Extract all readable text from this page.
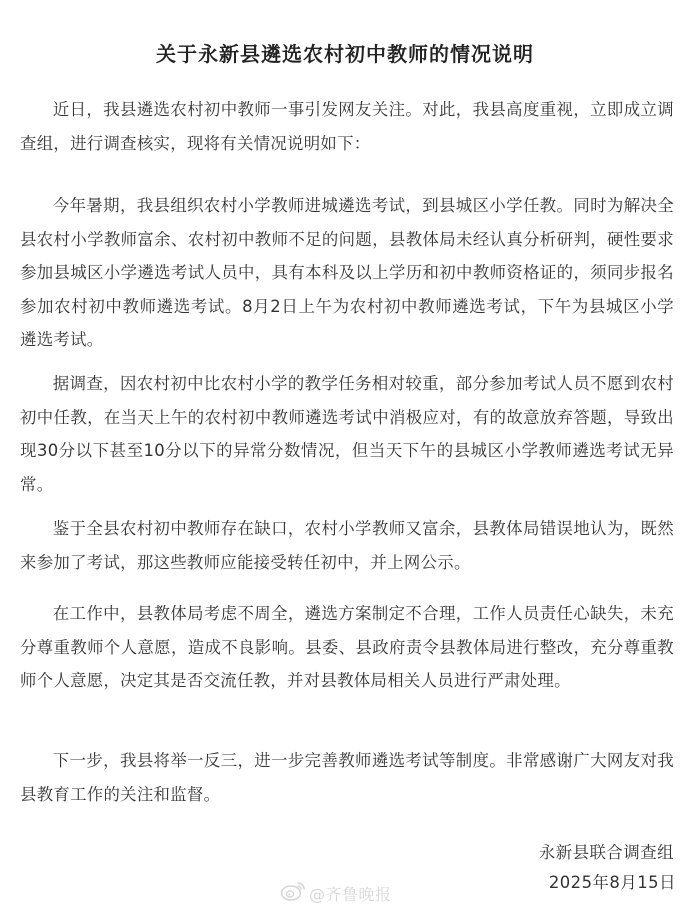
关于永新县遴选农村初中教师的情况说明

近日，我县遴选农村初中教师一事引发网友关注。对此，我县高度重视，立即成立调查组，进行调查核实，现将有关情况说明如下：

今年暑期，我县组织农村小学教师进城遴选考试，到县城区小学任教。同时为解决全县农村小学教师富余、农村初中教师不足的问题，县教体局未经认真分析研判，硬性要求参加县城区小学遴选考试人员中，具有本科及以上学历和初中教师资格证的，须同步报名参加农村初中教师遴选考试。8月2日上午为农村初中教师遴选考试，下午为县城区小学遴选考试。

据调查，因农村初中比农村小学的教学任务相对较重，部分参加考试人员不愿到农村初中任教，在当天上午的农村初中教师遴选考试中消极应对，有的故意放弃答题，导致出现30分以下甚至10分以下的异常分数情况，但当天下午的县城区小学教师遴选考试无异常。

鉴于全县农村初中教师存在缺口，农村小学教师又富余，县教体局错误地认为，既然来参加了考试，那这些教师应能接受转任初中，并上网公示。

在工作中，县教体局考虑不周全，遴选方案制定不合理，工作人员责任心缺失，未充分尊重教师个人意愿，造成不良影响。县委、县政府责令县教体局进行整改，充分尊重教师个人意愿，决定其是否交流任教，并对县教体局相关人员进行严肃处理。

下一步，我县将举一反三，进一步完善教师遴选考试等制度。非常感谢广大网友对我县教育工作的关注和监督。

永新县联合调查组
2025年8月15日
@齐鲁晚报
